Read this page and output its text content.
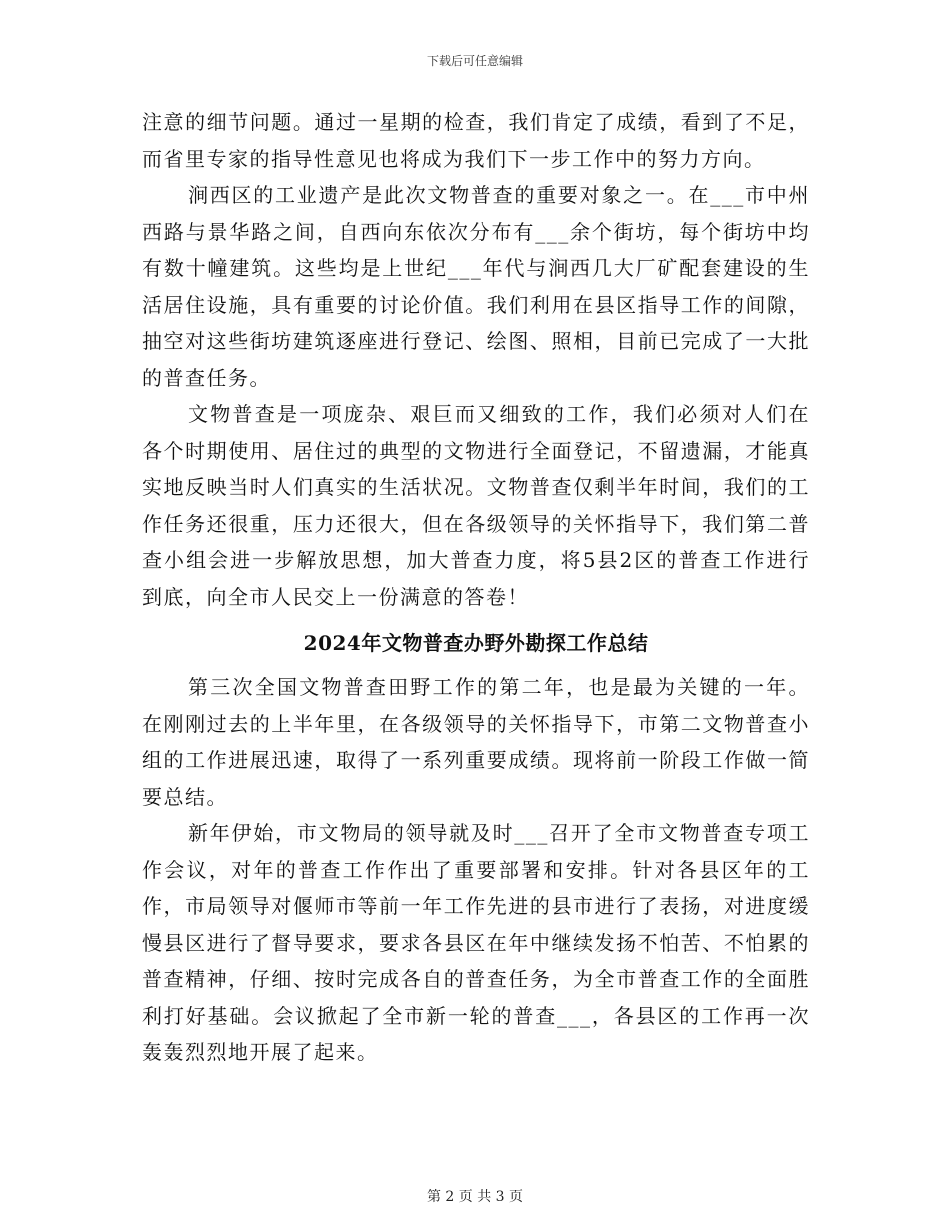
下载后可任意编辑

注意的细节问题。通过一星期的检查，我们肯定了成绩，看到了不足，而省里专家的指导性意见也将成为我们下一步工作中的努力方向。

涧西区的工业遗产是此次文物普查的重要对象之一。在___市中州西路与景华路之间，自西向东依次分布有___余个街坊，每个街坊中均有数十幢建筑。这些均是上世纪___年代与涧西几大厂矿配套建设的生活居住设施，具有重要的讨论价值。我们利用在县区指导工作的间隙，抽空对这些街坊建筑逐座进行登记、绘图、照相，目前已完成了一大批的普查任务。

文物普查是一项庞杂、艰巨而又细致的工作，我们必须对人们在各个时期使用、居住过的典型的文物进行全面登记，不留遗漏，才能真实地反映当时人们真实的生活状况。文物普查仅剩半年时间，我们的工作任务还很重，压力还很大，但在各级领导的关怀指导下，我们第二普查小组会进一步解放思想，加大普查力度，将5县2区的普查工作进行到底，向全市人民交上一份满意的答卷！

2024年文物普查办野外勘探工作总结

第三次全国文物普查田野工作的第二年，也是最为关键的一年。在刚刚过去的上半年里，在各级领导的关怀指导下，市第二文物普查小组的工作进展迅速，取得了一系列重要成绩。现将前一阶段工作做一简要总结。

新年伊始，市文物局的领导就及时___召开了全市文物普查专项工作会议，对年的普查工作作出了重要部署和安排。针对各县区年的工作，市局领导对偃师市等前一年工作先进的县市进行了表扬，对进度缓慢县区进行了督导要求，要求各县区在年中继续发扬不怕苦、不怕累的普查精神，仔细、按时完成各自的普查任务，为全市普查工作的全面胜利打好基础。会议掀起了全市新一轮的普查___，各县区的工作再一次轰轰烈烈地开展了起来。

第 2 页 共 3 页
